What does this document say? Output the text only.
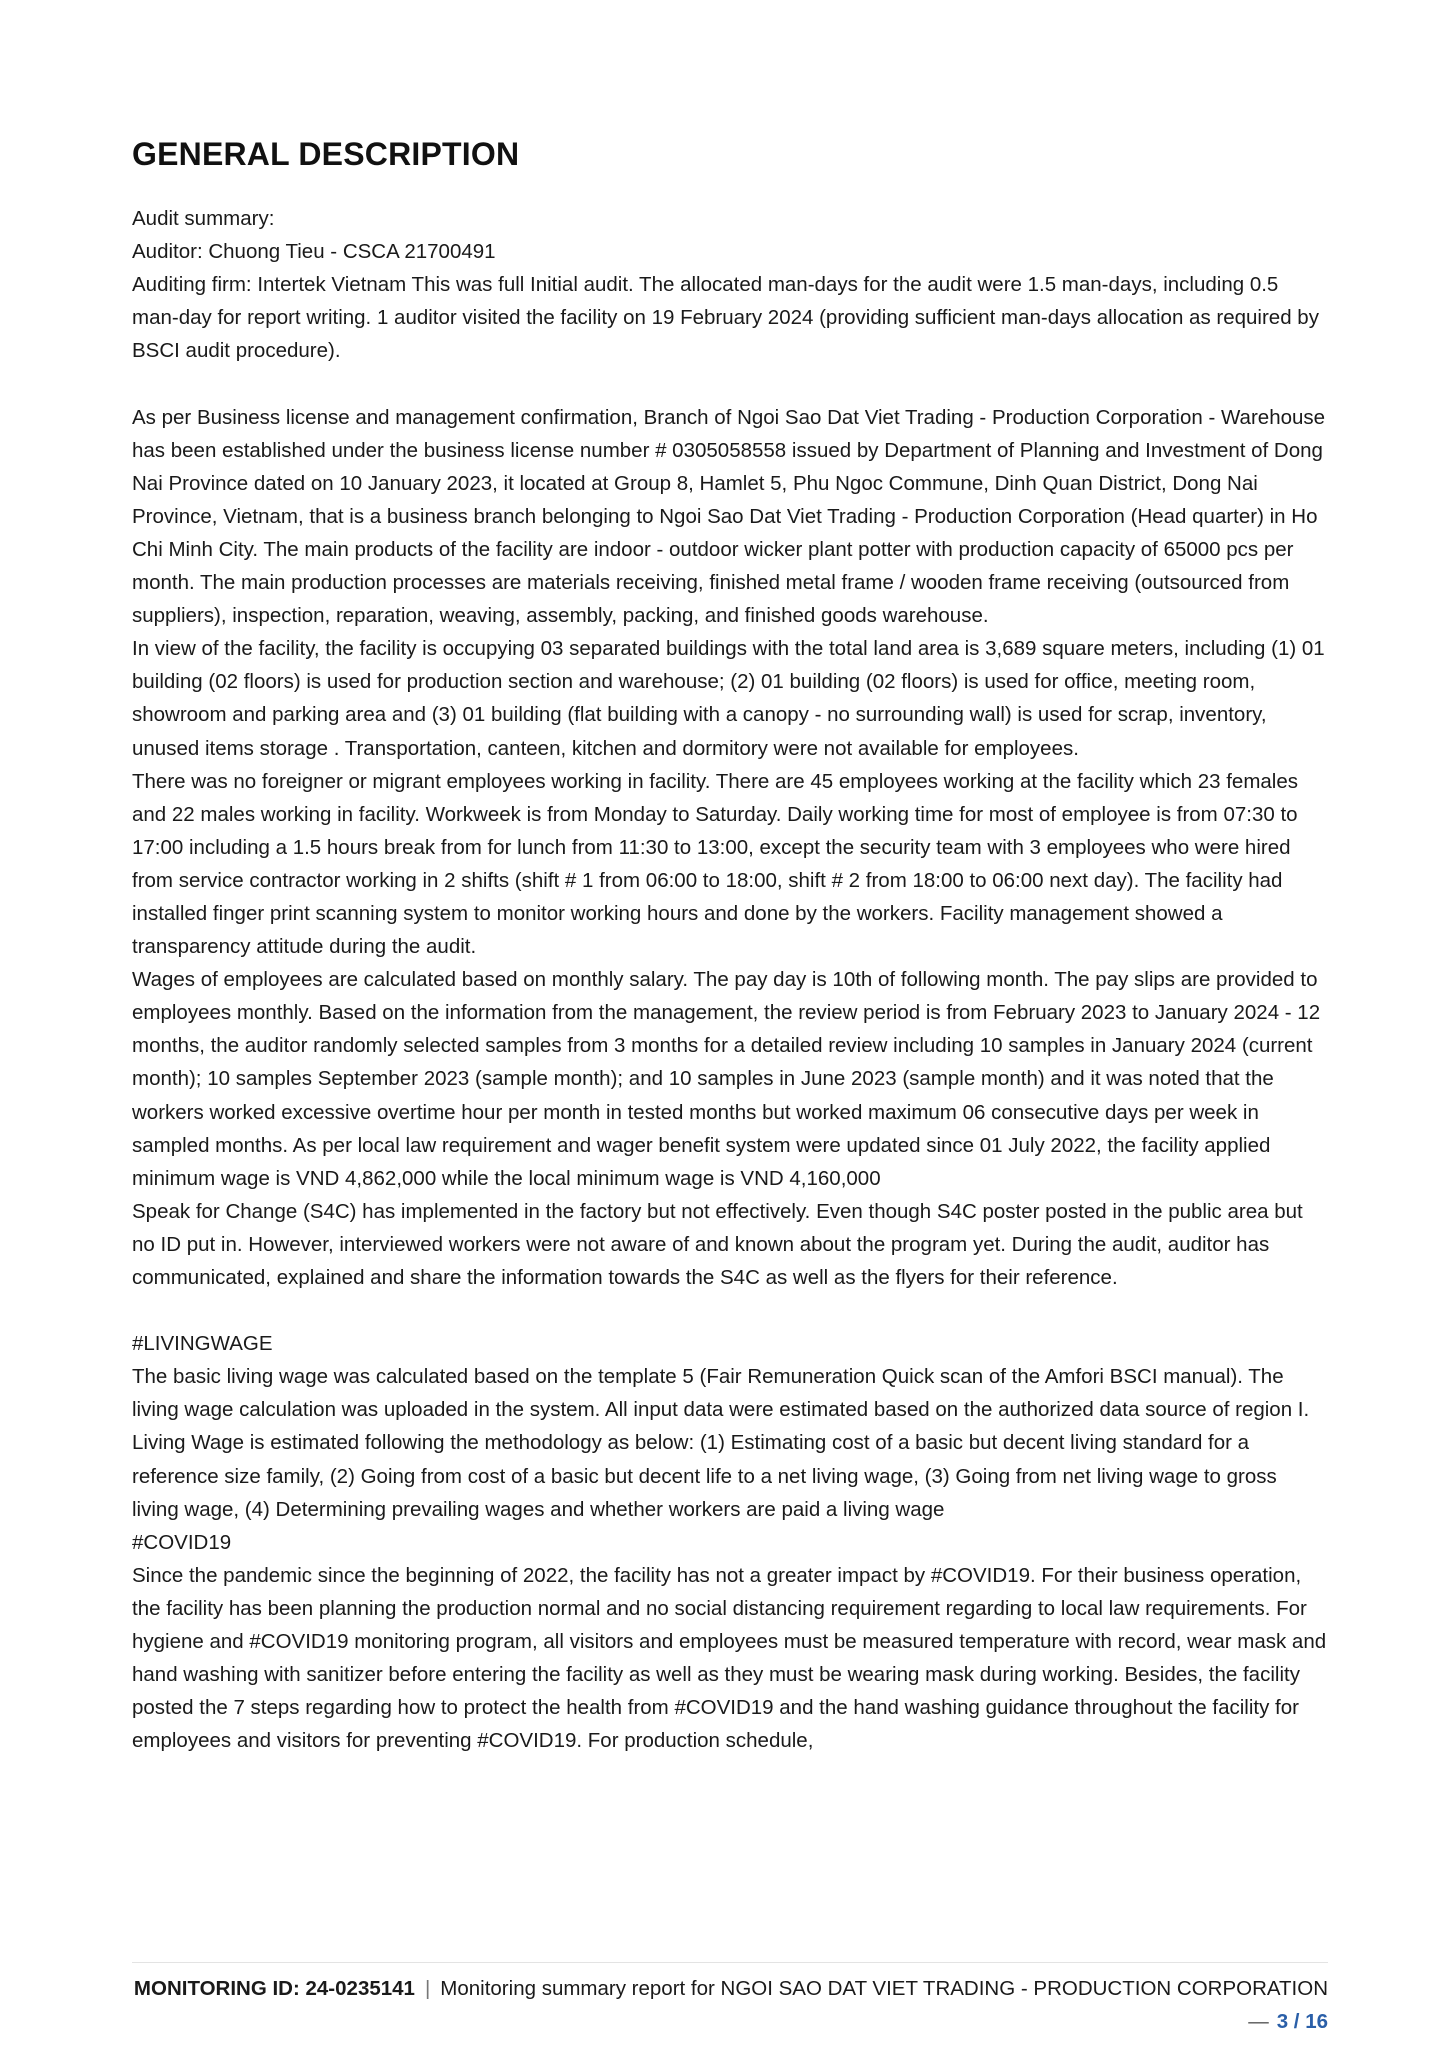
GENERAL DESCRIPTION

Audit summary:

Auditor: Chuong Tieu - CSCA 21700491

Auditing firm: Intertek Vietnam This was full Initial audit. The allocated man-days for the audit were 1.5 man-days, including 0.5 man-day for report writing. 1 auditor visited the facility on 19 February 2024 (providing sufficient man-days allocation as required by BSCI audit procedure).

As per Business license and management confirmation, Branch of Ngoi Sao Dat Viet Trading - Production Corporation - Warehouse has been established under the business license number # 0305058558 issued by Department of Planning and Investment of Dong Nai Province dated on 10 January 2023, it located at Group 8, Hamlet 5, Phu Ngoc Commune, Dinh Quan District, Dong Nai Province, Vietnam, that is a business branch belonging to Ngoi Sao Dat Viet Trading - Production Corporation (Head quarter) in Ho Chi Minh City. The main products of the facility are indoor - outdoor wicker plant potter with production capacity of 65000 pcs per month. The main production processes are materials receiving, finished metal frame / wooden frame receiving (outsourced from suppliers), inspection, reparation, weaving, assembly, packing, and finished goods warehouse.

In view of the facility, the facility is occupying 03 separated buildings with the total land area is 3,689 square meters, including (1) 01 building (02 floors) is used for production section and warehouse; (2) 01 building (02 floors) is used for office, meeting room, showroom and parking area and (3) 01 building (flat building with a canopy - no surrounding wall) is used for scrap, inventory, unused items storage . Transportation, canteen, kitchen and dormitory were not available for employees.

There was no foreigner or migrant employees working in facility. There are 45 employees working at the facility which 23 females and 22 males working in facility. Workweek is from Monday to Saturday. Daily working time for most of employee is from 07:30 to 17:00 including a 1.5 hours break from for lunch from 11:30 to 13:00, except the security team with 3 employees who were hired from service contractor working in 2 shifts (shift # 1 from 06:00 to 18:00, shift # 2 from 18:00 to 06:00 next day). The facility had installed finger print scanning system to monitor working hours and done by the workers. Facility management showed a transparency attitude during the audit.

Wages of employees are calculated based on monthly salary. The pay day is 10th of following month. The pay slips are provided to employees monthly. Based on the information from the management, the review period is from February 2023 to January 2024 - 12 months, the auditor randomly selected samples from 3 months for a detailed review including 10 samples in January 2024 (current month); 10 samples September 2023 (sample month); and 10 samples in June 2023 (sample month) and it was noted that the workers worked excessive overtime hour per month in tested months but worked maximum 06 consecutive days per week in sampled months. As per local law requirement and wager benefit system were updated since 01 July 2022, the facility applied minimum wage is VND 4,862,000 while the local minimum wage is VND 4,160,000

Speak for Change (S4C) has implemented in the factory but not effectively. Even though S4C poster posted in the public area but no ID put in. However, interviewed workers were not aware of and known about the program yet. During the audit, auditor has communicated, explained and share the information towards the S4C as well as the flyers for their reference.

#LIVINGWAGE

The basic living wage was calculated based on the template 5 (Fair Remuneration Quick scan of the Amfori BSCI manual). The living wage calculation was uploaded in the system. All input data were estimated based on the authorized data source of region I. Living Wage is estimated following the methodology as below: (1) Estimating cost of a basic but decent living standard for a reference size family, (2) Going from cost of a basic but decent life to a net living wage, (3) Going from net living wage to gross living wage, (4) Determining prevailing wages and whether workers are paid a living wage

#COVID19

Since the pandemic since the beginning of 2022, the facility has not a greater impact by #COVID19. For their business operation, the facility has been planning the production normal and no social distancing requirement regarding to local law requirements. For hygiene and #COVID19 monitoring program, all visitors and employees must be measured temperature with record, wear mask and hand washing with sanitizer before entering the facility as well as they must be wearing mask during working. Besides, the facility posted the 7 steps regarding how to protect the health from #COVID19 and the hand washing guidance throughout the facility for employees and visitors for preventing #COVID19. For production schedule,

MONITORING ID: 24-0235141 | Monitoring summary report for NGOI SAO DAT VIET TRADING - PRODUCTION CORPORATION— 3 / 16
